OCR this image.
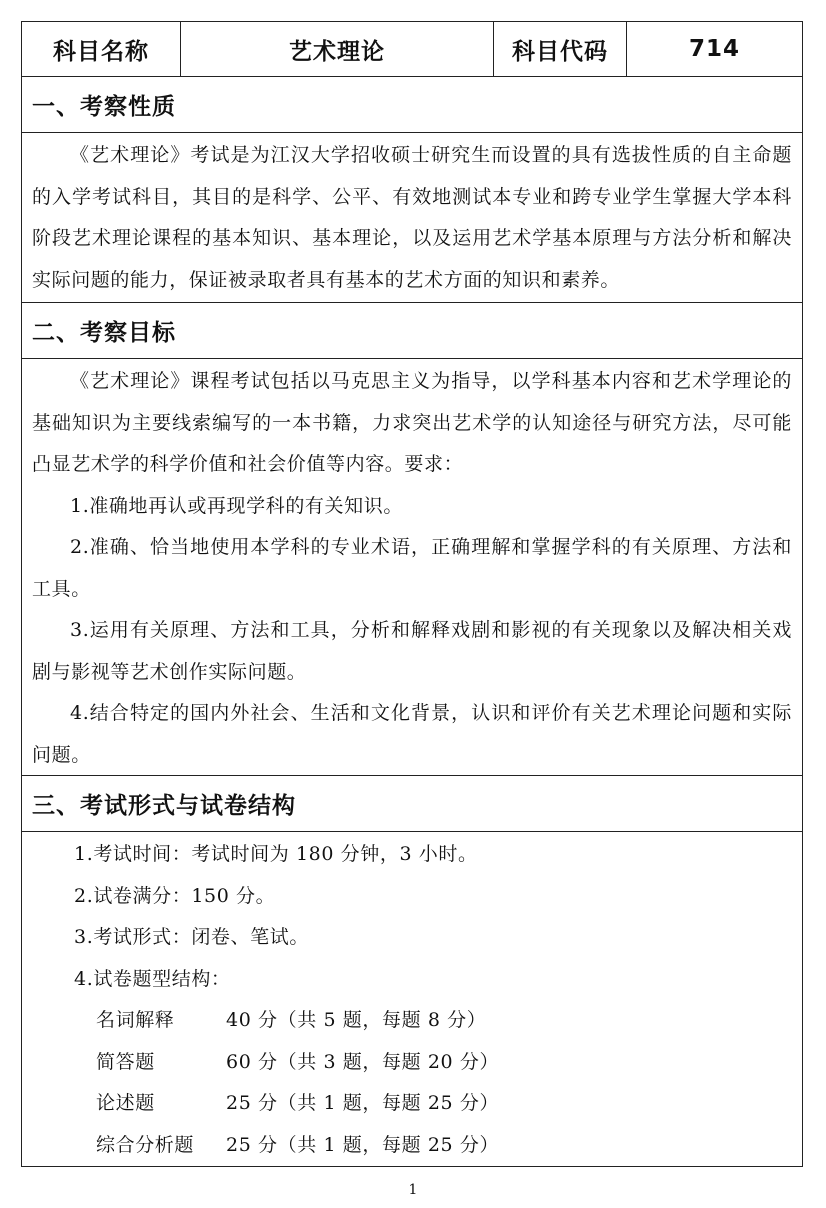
科目名称	艺术理论	科目代码	714
一、考察性质

《艺术理论》考试是为江汉大学招收硕士研究生而设置的具有选拔性质的自主命题的入学考试科目，其目的是科学、公平、有效地测试本专业和跨专业学生掌握大学本科阶段艺术理论课程的基本知识、基本理论，以及运用艺术学基本原理与方法分析和解决实际问题的能力，保证被录取者具有基本的艺术方面的知识和素养。

二、考察目标

《艺术理论》课程考试包括以马克思主义为指导，以学科基本内容和艺术学理论的基础知识为主要线索编写的一本书籍，力求突出艺术学的认知途径与研究方法，尽可能凸显艺术学的科学价值和社会价值等内容。要求：

1.准确地再认或再现学科的有关知识。

2.准确、恰当地使用本学科的专业术语，正确理解和掌握学科的有关原理、方法和工具。

3.运用有关原理、方法和工具，分析和解释戏剧和影视的有关现象以及解决相关戏剧与影视等艺术创作实际问题。

4.结合特定的国内外社会、生活和文化背景，认识和评价有关艺术理论问题和实际问题。

三、考试形式与试卷结构

1.考试时间：考试时间为 180 分钟，3 小时。

2.试卷满分：150 分。

3.考试形式：闭卷、笔试。

4.试卷题型结构：

名词解释	40 分（共 5 题，每题 8 分）
简答题	60 分（共 3 题，每题 20 分）
论述题	25 分（共 1 题，每题 25 分）
综合分析题	25 分（共 1 题，每题 25 分）
1
